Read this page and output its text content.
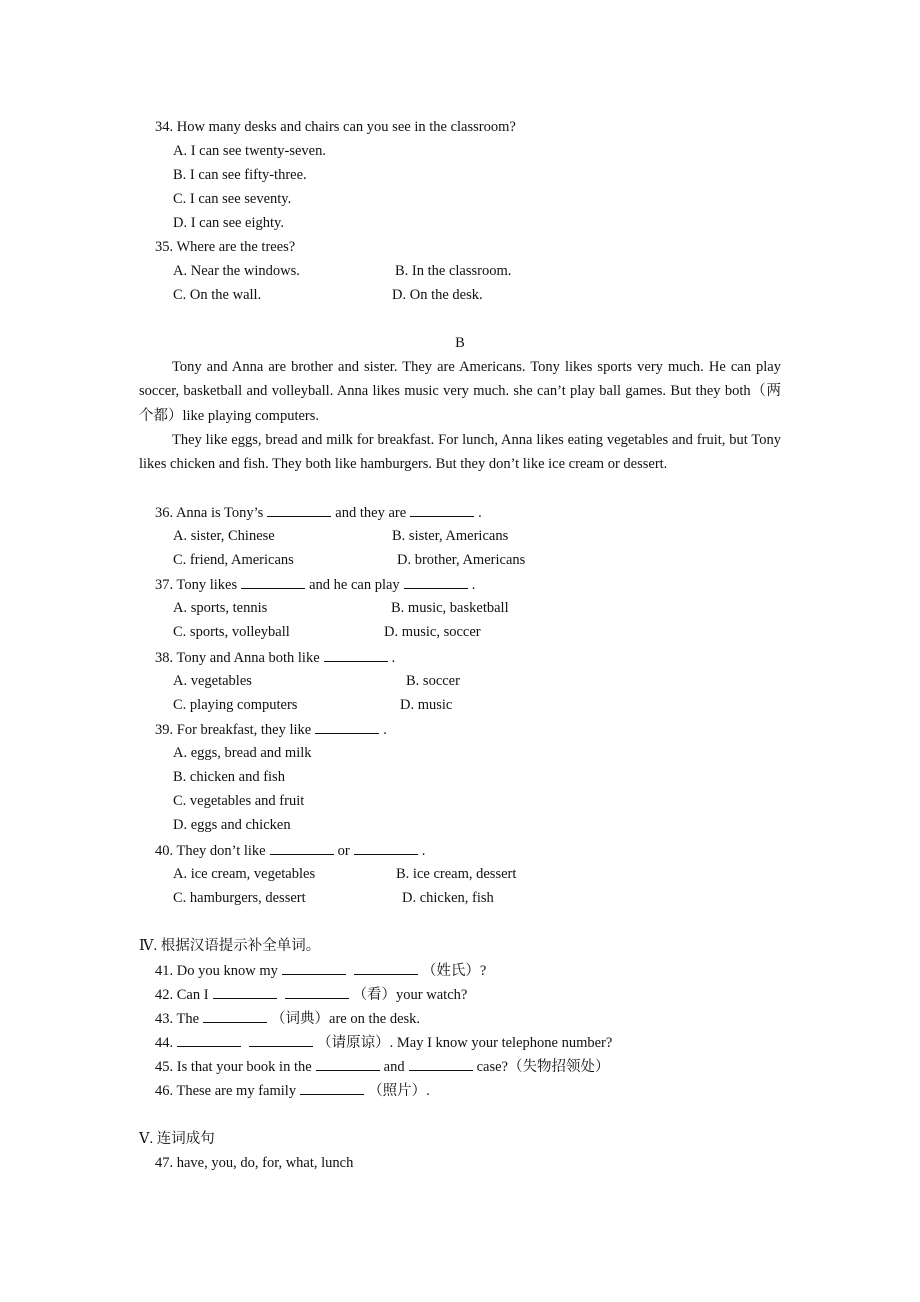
34. How many desks and chairs can you see in the classroom?
A. I can see twenty-seven.
B. I can see fifty-three.
C. I can see seventy.
D. I can see eighty.
35. Where are the trees?
A. Near the windows.	B. In the classroom.
C. On the wall.	D. On the desk.
B
Tony and Anna are brother and sister. They are Americans. Tony likes sports very much. He can play soccer, basketball and volleyball. Anna likes music very much. she can’t play ball games. But they both（两个都）like playing computers.
They like eggs, bread and milk for breakfast. For lunch, Anna likes eating vegetables and fruit, but Tony likes chicken and fish. They both like hamburgers. But they don’t like ice cream or dessert.
36. Anna is Tony’s	and they are	.
A. sister, Chinese	B. sister, Americans
C. friend, Americans	D. brother, Americans
37. Tony likes	and he can play	.
A. sports, tennis	B. music, basketball
C. sports, volleyball	D. music, soccer
38. Tony and Anna both like	.
A. vegetables	B. soccer
C. playing computers	D. music
39. For breakfast, they like	.
A. eggs, bread and milk
B. chicken and fish
C. vegetables and fruit
D. eggs and chicken
40. They don’t like	or	.
A. ice cream, vegetables	B. ice cream, dessert
C. hamburgers, dessert	D. chicken, fish
Ⅳ. 根据汉语提示补全单词。
41. Do you know my	（姓氏）?
42. Can I	（看）your watch?
43. The	（词典）are on the desk.
44.	（请原谅）. May I know your telephone number?
45. Is that your book in the	and	case?（失物招领处）
46. These are my family	（照片）.
Ⅴ. 连词成句
47. have, you, do, for, what, lunch
